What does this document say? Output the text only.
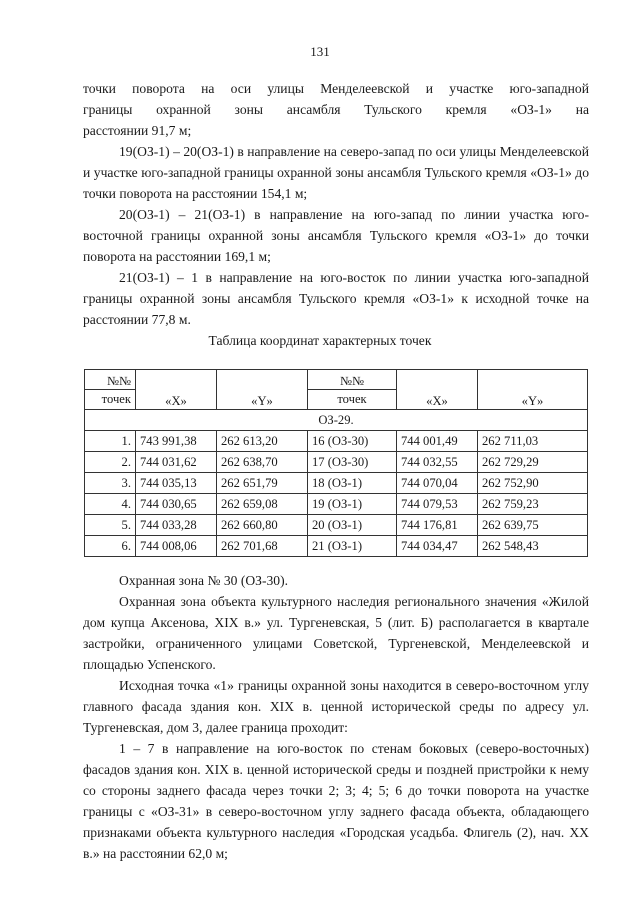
131
точки поворота на оси улицы Менделеевской и участке юго-западной
границы охранной зоны ансамбля Тульского кремля «ОЗ-1» на
расстоянии 91,7 м;

19(ОЗ-1) – 20(ОЗ-1) в направление на северо-запад по оси улицы Менделеевской и участке юго-западной границы охранной зоны ансамбля Тульского кремля «ОЗ-1» до точки поворота на расстоянии 154,1 м;

20(ОЗ-1) – 21(ОЗ-1) в направление на юго-запад по линии участка юго-восточной границы охранной зоны ансамбля Тульского кремля «ОЗ-1» до точки поворота на расстоянии 169,1 м;

21(ОЗ-1) – 1 в направление на юго-восток по линии участка юго-западной границы охранной зоны ансамбля Тульского кремля «ОЗ-1» к исходной точке на расстоянии 77,8 м.

Таблица координат характерных точек
№№	«X»	«Y»	№№	«X»	«Y»
точек			точек		
ОЗ-29.					
1.	743 991,38	262 613,20	16 (ОЗ-30)	744 001,49	262 711,03
2.	744 031,62	262 638,70	17 (ОЗ-30)	744 032,55	262 729,29
3.	744 035,13	262 651,79	18 (ОЗ-1)	744 070,04	262 752,90
4.	744 030,65	262 659,08	19 (ОЗ-1)	744 079,53	262 759,23
5.	744 033,28	262 660,80	20 (ОЗ-1)	744 176,81	262 639,75
6.	744 008,06	262 701,68	21 (ОЗ-1)	744 034,47	262 548,43

Охранная зона № 30 (ОЗ-30).

Охранная зона объекта культурного наследия регионального значения «Жилой дом купца Аксенова, XIX в.» ул. Тургеневская, 5 (лит. Б) располагается в квартале застройки, ограниченного улицами Советской, Тургеневской, Менделеевской и площадью Успенского.

Исходная точка «1» границы охранной зоны находится в северо-восточном углу главного фасада здания кон. XIX в. ценной исторической среды по адресу ул. Тургеневская, дом 3, далее граница проходит:

1 – 7 в направление на юго-восток по стенам боковых (северо-восточных) фасадов здания кон. XIX в. ценной исторической среды и поздней пристройки к нему со стороны заднего фасада через точки 2; 3; 4; 5; 6 до точки поворота на участке границы с «ОЗ-31» в северо-восточном углу заднего фасада объекта, обладающего признаками объекта культурного наследия «Городская усадьба. Флигель (2), нач. XX в.» на расстоянии 62,0 м;
